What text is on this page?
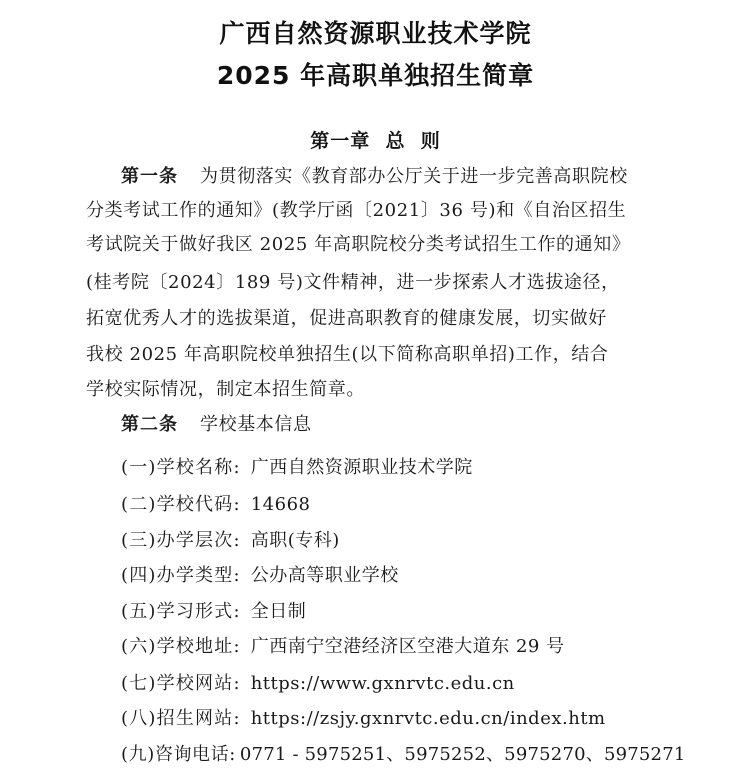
广西自然资源职业技术学院
2025 年高职单独招生简章
第一章  总  则
第一条 为贯彻落实《教育部办公厅关于进一步完善高职院校
分类考试工作的通知》(教学厅函〔2021〕36 号)和《自治区招生
考试院关于做好我区 2025 年高职院校分类考试招生工作的通知》
(桂考院〔2024〕189 号)文件精神，进一步探索人才选拔途径，
拓宽优秀人才的选拔渠道，促进高职教育的健康发展，切实做好
我校 2025 年高职院校单独招生(以下简称高职单招)工作，结合
学校实际情况，制定本招生简章。
第二条 学校基本信息
(一)学校名称: 广西自然资源职业技术学院
(二)学校代码: 14668
(三)办学层次: 高职(专科)
(四)办学类型: 公办高等职业学校
(五)学习形式: 全日制
(六)学校地址: 广西南宁空港经济区空港大道东 29 号
(七)学校网站: https://www.gxnrvtc.edu.cn
(八)招生网站: https://zsjy.gxnrvtc.edu.cn/index.htm
(九)咨询电话: 0771 - 5975251、5975252、5975270、5975271
